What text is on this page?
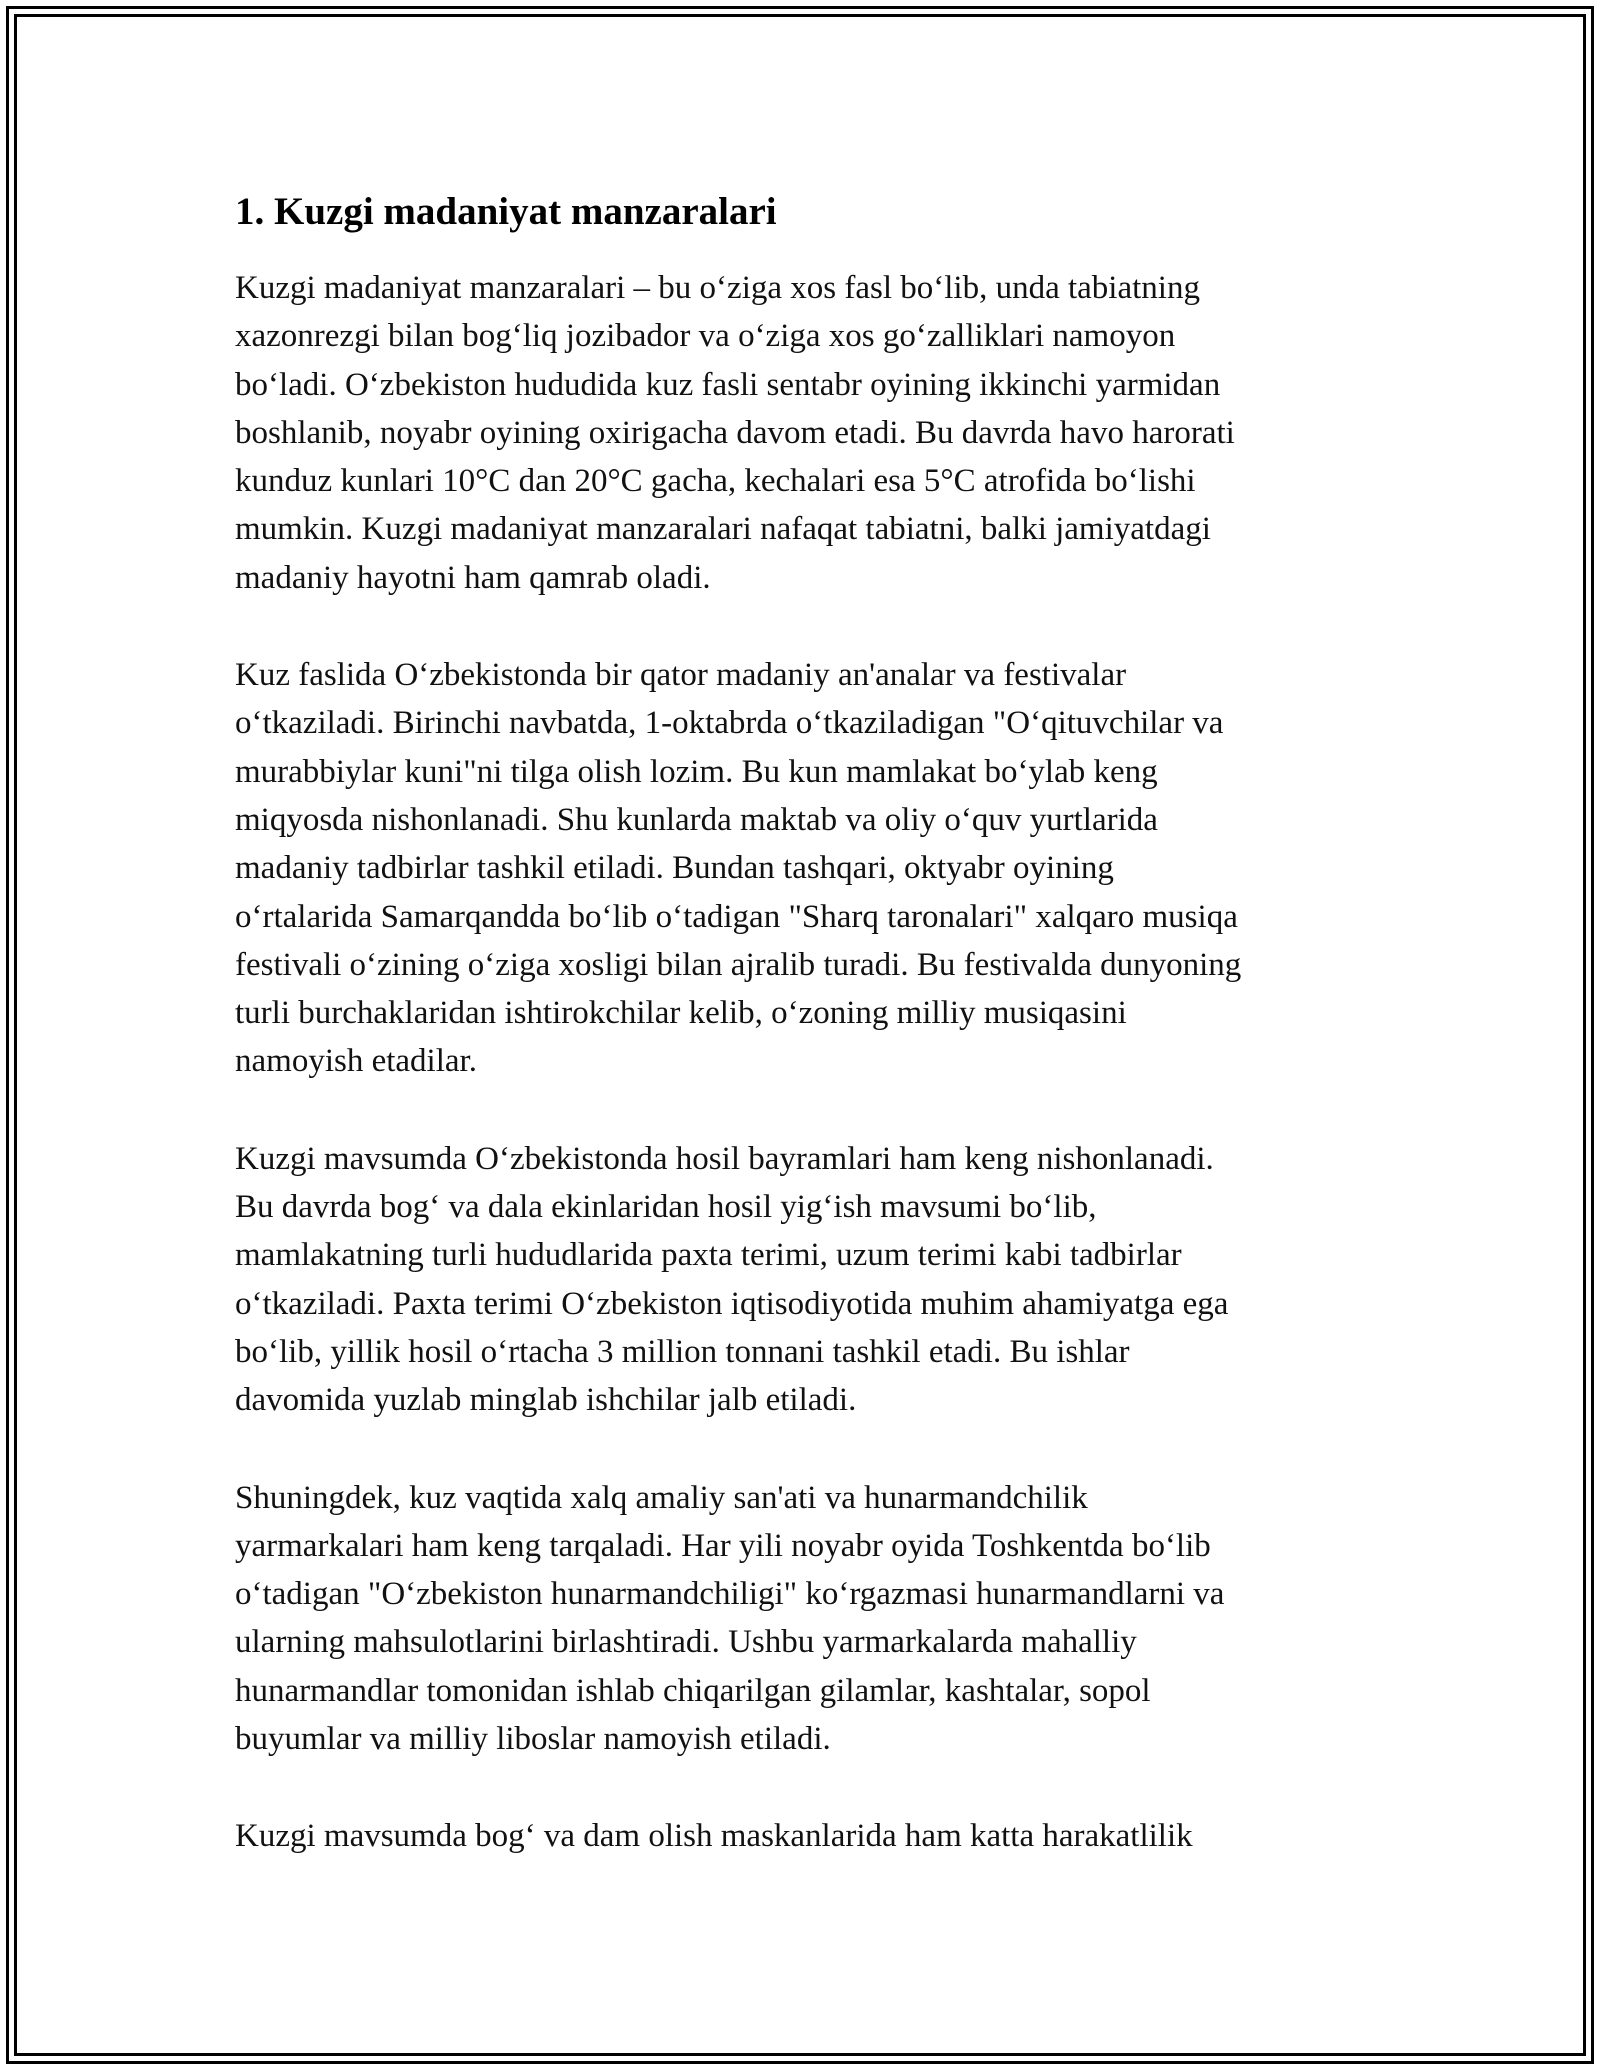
1. Kuzgi madaniyat manzaralari
Kuzgi madaniyat manzaralari – bu o‘ziga xos fasl bo‘lib, unda tabiatning
xazonrezgi bilan bog‘liq jozibador va o‘ziga xos go‘zalliklari namoyon
bo‘ladi. O‘zbekiston hududida kuz fasli sentabr oyining ikkinchi yarmidan
boshlanib, noyabr oyining oxirigacha davom etadi. Bu davrda havo harorati
kunduz kunlari 10°C dan 20°C gacha, kechalari esa 5°C atrofida bo‘lishi
mumkin. Kuzgi madaniyat manzaralari nafaqat tabiatni, balki jamiyatdagi
madaniy hayotni ham qamrab oladi.
Kuz faslida O‘zbekistonda bir qator madaniy an'analar va festivalar
o‘tkaziladi. Birinchi navbatda, 1-oktabrda o‘tkaziladigan "O‘qituvchilar va
murabbiylar kuni"ni tilga olish lozim. Bu kun mamlakat bo‘ylab keng
miqyosda nishonlanadi. Shu kunlarda maktab va oliy o‘quv yurtlarida
madaniy tadbirlar tashkil etiladi. Bundan tashqari, oktyabr oyining
o‘rtalarida Samarqandda bo‘lib o‘tadigan "Sharq taronalari" xalqaro musiqa
festivali o‘zining o‘ziga xosligi bilan ajralib turadi. Bu festivalda dunyoning
turli burchaklaridan ishtirokchilar kelib, o‘zoning milliy musiqasini
namoyish etadilar.
Kuzgi mavsumda O‘zbekistonda hosil bayramlari ham keng nishonlanadi.
Bu davrda bog‘ va dala ekinlaridan hosil yig‘ish mavsumi bo‘lib,
mamlakatning turli hududlarida paxta terimi, uzum terimi kabi tadbirlar
o‘tkaziladi. Paxta terimi O‘zbekiston iqtisodiyotida muhim ahamiyatga ega
bo‘lib, yillik hosil o‘rtacha 3 million tonnani tashkil etadi. Bu ishlar
davomida yuzlab minglab ishchilar jalb etiladi.
Shuningdek, kuz vaqtida xalq amaliy san'ati va hunarmandchilik
yarmarkalari ham keng tarqaladi. Har yili noyabr oyida Toshkentda bo‘lib
o‘tadigan "O‘zbekiston hunarmandchiligi" ko‘rgazmasi hunarmandlarni va
ularning mahsulotlarini birlashtiradi. Ushbu yarmarkalarda mahalliy
hunarmandlar tomonidan ishlab chiqarilgan gilamlar, kashtalar, sopol
buyumlar va milliy liboslar namoyish etiladi.
Kuzgi mavsumda bog‘ va dam olish maskanlarida ham katta harakatlilik
